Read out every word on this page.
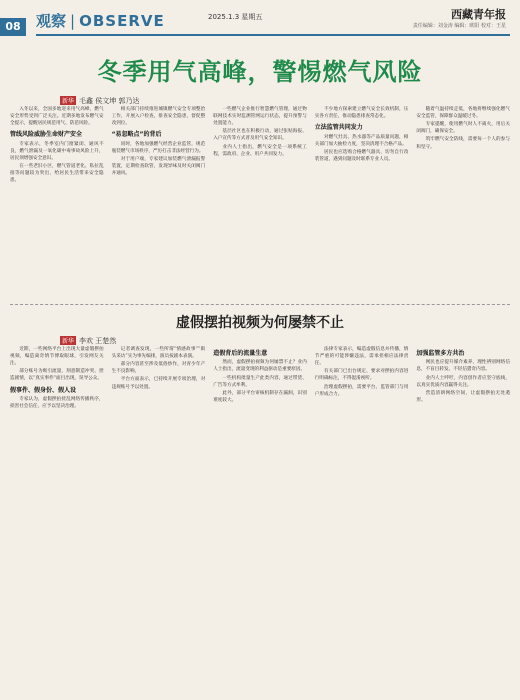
08	观察 | OBSERVE	2025.1.3 星期五	西藏青年报
责任编辑：刘金涛 编辑：欧阳 校对：王星
冬季用气高峰，警惕燃气风险
新华 毛鑫 侯文坤 郭乃达

入冬以来，全国多地迎来用气高峰，燃气安全形势受到广泛关注。近期多地发布燃气安全提示，提醒居民规范用气、防范风险。

管线风险威胁生命财产安全

专家表示，冬季室内门窗紧闭、通风不良，燃气泄漏及一氧化碳中毒事故风险上升，居民须增强安全意识。

在一些老旧小区，燃气管道老化、私拉乱接等问题较为突出，给居民生活带来安全隐患。

相关部门持续推进城镇燃气安全专项整治工作，开展入户检查，排查安全隐患，督促整改到位。

“易忽略点”的背后

同时，各地加强燃气经营企业监管，规范瓶装燃气市场秩序，严厉打击非法经营行为。

对于用户端，专家建议加装燃气泄漏报警装置，定期检查软管，发现异味及时关闭阀门并通风。

一些燃气企业推行智慧燃气管理，通过物联网技术实时监测管网运行状态，提升预警与处置能力。

基层社区也在积极行动，通过张贴海报、入户宣传等方式普及用气安全知识。

业内人士指出，燃气安全是一项系统工程，需政府、企业、用户共同发力。

不少地方探索建立燃气安全长效机制，压实各方责任，推动隐患排查常态化。

立法监管共同发力

对燃气灶具、热水器等产品质量问题，相关部门加大抽检力度，坚决清理不合格产品。

居民也应选购合格燃气器具，切勿自行改装管道，遇到问题及时联系专业人员。

随着气温持续走低，各地将继续强化燃气安全监管，保障群众温暖过冬。

专家提醒，使用燃气时人不离火，用后关闭阀门，确保安全。

筑牢燃气安全防线，需要每一个人的参与和坚守。

虚假摆拍视频为何屡禁不止
新华 李欢 王楚然

近期，一些网络平台上出现大量虚假摆拍视频，编造离奇情节博取眼球，引发网友关注。

部分账号为吸引流量，刻意制造冲突、捏造剧情，以“真实事件”面目出现，误导公众。

假事件、假身份、假人设

专家认为，虚假摆拍扰乱网络传播秩序，损害社会信任，应予以坚决治理。

记者调查发现，一些所谓“情感故事”“街头采访”实为事先编排，演员按剧本表演。

部分内容甚至涉及低俗炒作，对青少年产生不良影响。

平台方面表示，已持续开展专项治理，对违规账号予以处置。

造假背后的流量生意

然而，虚假摆拍视频为何屡禁不止？业内人士指出，流量变现的利益驱动是重要原因。

一些机构批量生产此类内容，通过带货、广告等方式牟利。

此外，部分平台审核机制存在漏洞，识别难度较大。

法律专家表示，编造虚假信息并传播，情节严重的可能涉嫌违法，需承担相应法律责任。

有关部门已出台规定，要求对摆拍内容进行明确标注，不得混淆视听。

治理虚假摆拍，需要平台、监管部门与用户形成合力。

加强监管多方共治

网民也应提升媒介素养，理性辨别网络信息，不盲目转发、不轻信猎奇内容。

业内人士呼吁，内容创作者应坚守底线，以真实优质内容赢得关注。

营造清朗网络空间，让虚假摆拍无处遁形。
